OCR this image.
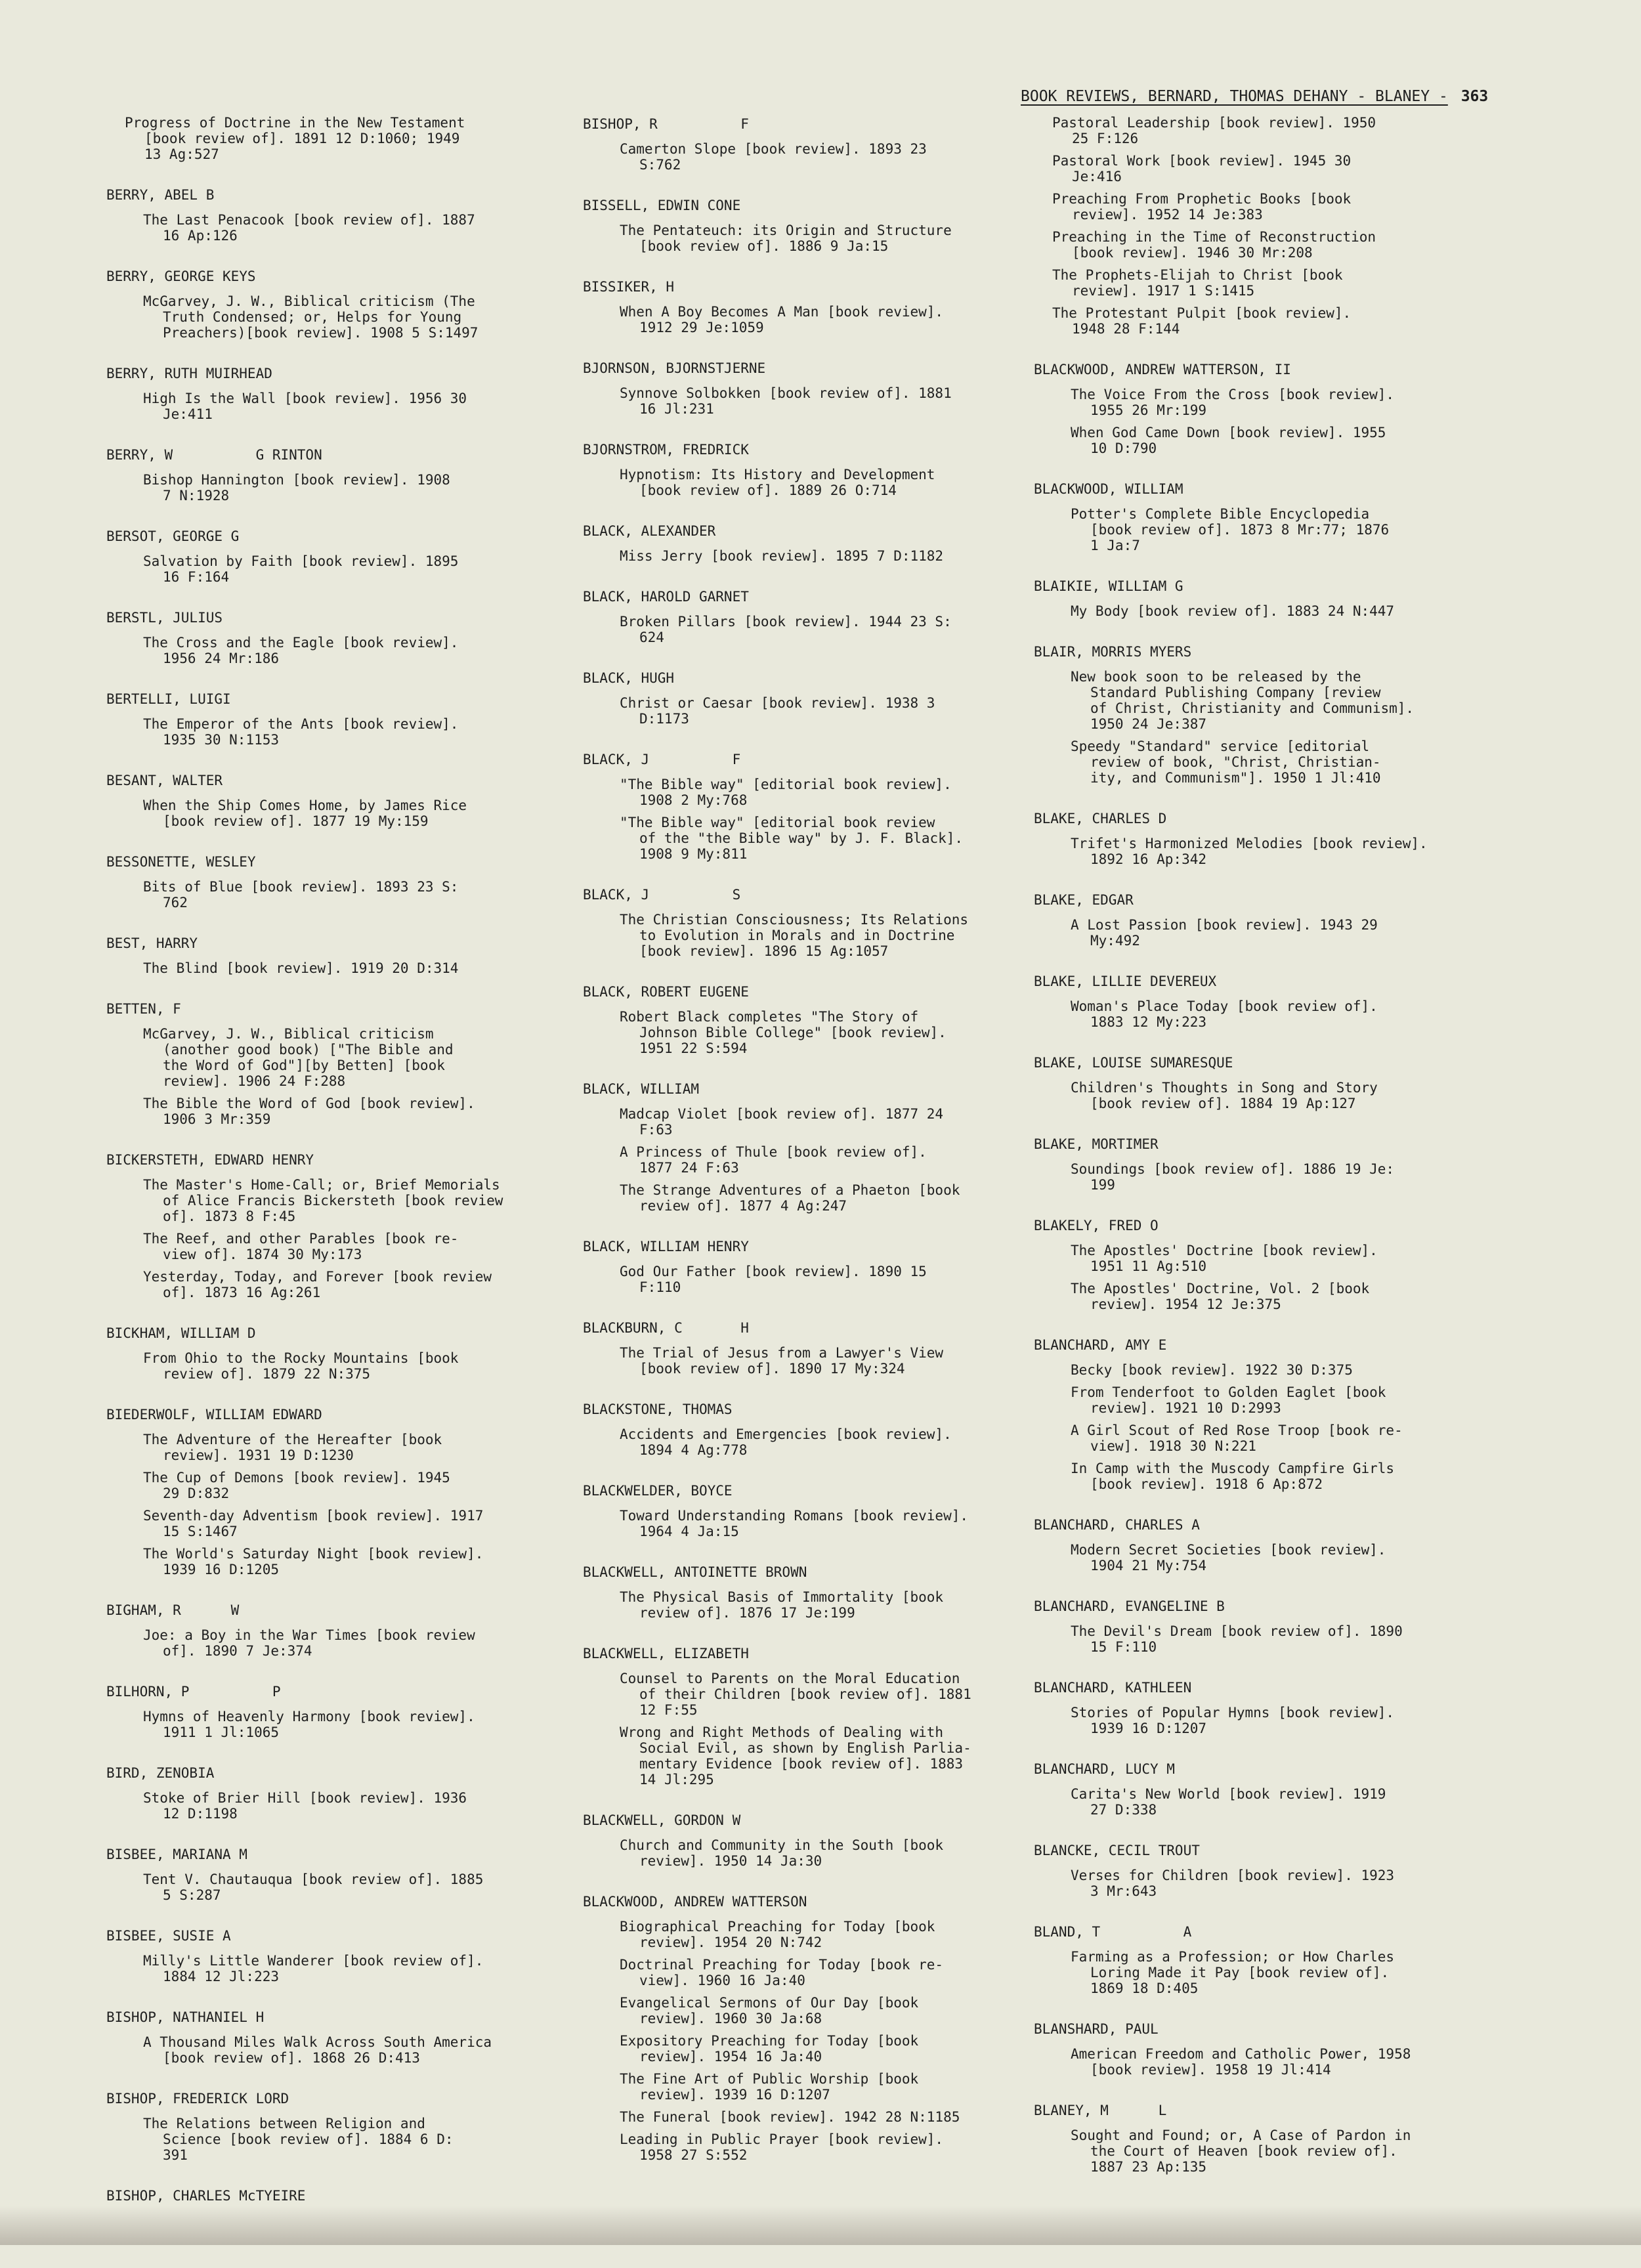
BOOK REVIEWS, BERNARD, THOMAS DEHANY - BLANEY - 363
Progress of Doctrine in the New Testament
[book review of]. 1891 12 D:1060; 1949
13 Ag:527
BERRY, ABEL B
The Last Penacook [book review of]. 1887
16 Ap:126
BERRY, GEORGE KEYS
McGarvey, J. W., Biblical criticism (The
Truth Condensed; or, Helps for Young
Preachers)[book review]. 1908 5 S:1497
BERRY, RUTH MUIRHEAD
High Is the Wall [book review]. 1956 30
Je:411
BERRY, W          G RINTON
Bishop Hannington [book review]. 1908
7 N:1928
BERSOT, GEORGE G
Salvation by Faith [book review]. 1895
16 F:164
BERSTL, JULIUS
The Cross and the Eagle [book review].
1956 24 Mr:186
BERTELLI, LUIGI
The Emperor of the Ants [book review].
1935 30 N:1153
BESANT, WALTER
When the Ship Comes Home, by James Rice
[book review of]. 1877 19 My:159
BESSONETTE, WESLEY
Bits of Blue [book review]. 1893 23 S:
762
BEST, HARRY
The Blind [book review]. 1919 20 D:314
BETTEN, F
McGarvey, J. W., Biblical criticism
(another good book) ["The Bible and
the Word of God"][by Betten] [book
review]. 1906 24 F:288
The Bible the Word of God [book review].
1906 3 Mr:359
BICKERSTETH, EDWARD HENRY
The Master's Home-Call; or, Brief Memorials
of Alice Francis Bickersteth [book review
of]. 1873 8 F:45
The Reef, and other Parables [book re-
view of]. 1874 30 My:173
Yesterday, Today, and Forever [book review
of]. 1873 16 Ag:261
BICKHAM, WILLIAM D
From Ohio to the Rocky Mountains [book
review of]. 1879 22 N:375
BIEDERWOLF, WILLIAM EDWARD
The Adventure of the Hereafter [book
review]. 1931 19 D:1230
The Cup of Demons [book review]. 1945
29 D:832
Seventh-day Adventism [book review]. 1917
15 S:1467
The World's Saturday Night [book review].
1939 16 D:1205
BIGHAM, R      W
Joe: a Boy in the War Times [book review
of]. 1890 7 Je:374
BILHORN, P          P
Hymns of Heavenly Harmony [book review].
1911 1 Jl:1065
BIRD, ZENOBIA
Stoke of Brier Hill [book review]. 1936
12 D:1198
BISBEE, MARIANA M
Tent V. Chautauqua [book review of]. 1885
5 S:287
BISBEE, SUSIE A
Milly's Little Wanderer [book review of].
1884 12 Jl:223
BISHOP, NATHANIEL H
A Thousand Miles Walk Across South America
[book review of]. 1868 26 D:413
BISHOP, FREDERICK LORD
The Relations between Religion and
Science [book review of]. 1884 6 D:
391
BISHOP, CHARLES McTYEIRE
BISHOP, R          F
Camerton Slope [book review]. 1893 23
S:762
BISSELL, EDWIN CONE
The Pentateuch: its Origin and Structure
[book review of]. 1886 9 Ja:15
BISSIKER, H
When A Boy Becomes A Man [book review].
1912 29 Je:1059
BJORNSON, BJORNSTJERNE
Synnove Solbokken [book review of]. 1881
16 Jl:231
BJORNSTROM, FREDRICK
Hypnotism: Its History and Development
[book review of]. 1889 26 O:714
BLACK, ALEXANDER
Miss Jerry [book review]. 1895 7 D:1182
BLACK, HAROLD GARNET
Broken Pillars [book review]. 1944 23 S:
624
BLACK, HUGH
Christ or Caesar [book review]. 1938 3
D:1173
BLACK, J          F
"The Bible way" [editorial book review].
1908 2 My:768
"The Bible way" [editorial book review
of the "the Bible way" by J. F. Black].
1908 9 My:811
BLACK, J          S
The Christian Consciousness; Its Relations
to Evolution in Morals and in Doctrine
[book review]. 1896 15 Ag:1057
BLACK, ROBERT EUGENE
Robert Black completes "The Story of
Johnson Bible College" [book review].
1951 22 S:594
BLACK, WILLIAM
Madcap Violet [book review of]. 1877 24
F:63
A Princess of Thule [book review of].
1877 24 F:63
The Strange Adventures of a Phaeton [book
review of]. 1877 4 Ag:247
BLACK, WILLIAM HENRY
God Our Father [book review]. 1890 15
F:110
BLACKBURN, C       H
The Trial of Jesus from a Lawyer's View
[book review of]. 1890 17 My:324
BLACKSTONE, THOMAS
Accidents and Emergencies [book review].
1894 4 Ag:778
BLACKWELDER, BOYCE
Toward Understanding Romans [book review].
1964 4 Ja:15
BLACKWELL, ANTOINETTE BROWN
The Physical Basis of Immortality [book
review of]. 1876 17 Je:199
BLACKWELL, ELIZABETH
Counsel to Parents on the Moral Education
of their Children [book review of]. 1881
12 F:55
Wrong and Right Methods of Dealing with
Social Evil, as shown by English Parlia-
mentary Evidence [book review of]. 1883
14 Jl:295
BLACKWELL, GORDON W
Church and Community in the South [book
review]. 1950 14 Ja:30
BLACKWOOD, ANDREW WATTERSON
Biographical Preaching for Today [book
review]. 1954 20 N:742
Doctrinal Preaching for Today [book re-
view]. 1960 16 Ja:40
Evangelical Sermons of Our Day [book
review]. 1960 30 Ja:68
Expository Preaching for Today [book
review]. 1954 16 Ja:40
The Fine Art of Public Worship [book
review]. 1939 16 D:1207
The Funeral [book review]. 1942 28 N:1185
Leading in Public Prayer [book review].
1958 27 S:552
Pastoral Leadership [book review]. 1950
25 F:126
Pastoral Work [book review]. 1945 30
Je:416
Preaching From Prophetic Books [book
review]. 1952 14 Je:383
Preaching in the Time of Reconstruction
[book review]. 1946 30 Mr:208
The Prophets-Elijah to Christ [book
review]. 1917 1 S:1415
The Protestant Pulpit [book review].
1948 28 F:144
BLACKWOOD, ANDREW WATTERSON, II
The Voice From the Cross [book review].
1955 26 Mr:199
When God Came Down [book review]. 1955
10 D:790
BLACKWOOD, WILLIAM
Potter's Complete Bible Encyclopedia
[book review of]. 1873 8 Mr:77; 1876
1 Ja:7
BLAIKIE, WILLIAM G
My Body [book review of]. 1883 24 N:447
BLAIR, MORRIS MYERS
New book soon to be released by the
Standard Publishing Company [review
of Christ, Christianity and Communism].
1950 24 Je:387
Speedy "Standard" service [editorial
review of book, "Christ, Christian-
ity, and Communism"]. 1950 1 Jl:410
BLAKE, CHARLES D
Trifet's Harmonized Melodies [book review].
1892 16 Ap:342
BLAKE, EDGAR
A Lost Passion [book review]. 1943 29
My:492
BLAKE, LILLIE DEVEREUX
Woman's Place Today [book review of].
1883 12 My:223
BLAKE, LOUISE SUMARESQUE
Children's Thoughts in Song and Story
[book review of]. 1884 19 Ap:127
BLAKE, MORTIMER
Soundings [book review of]. 1886 19 Je:
199
BLAKELY, FRED O
The Apostles' Doctrine [book review].
1951 11 Ag:510
The Apostles' Doctrine, Vol. 2 [book
review]. 1954 12 Je:375
BLANCHARD, AMY E
Becky [book review]. 1922 30 D:375
From Tenderfoot to Golden Eaglet [book
review]. 1921 10 D:2993
A Girl Scout of Red Rose Troop [book re-
view]. 1918 30 N:221
In Camp with the Muscody Campfire Girls
[book review]. 1918 6 Ap:872
BLANCHARD, CHARLES A
Modern Secret Societies [book review].
1904 21 My:754
BLANCHARD, EVANGELINE B
The Devil's Dream [book review of]. 1890
15 F:110
BLANCHARD, KATHLEEN
Stories of Popular Hymns [book review].
1939 16 D:1207
BLANCHARD, LUCY M
Carita's New World [book review]. 1919
27 D:338
BLANCKE, CECIL TROUT
Verses for Children [book review]. 1923
3 Mr:643
BLAND, T          A
Farming as a Profession; or How Charles
Loring Made it Pay [book review of].
1869 18 D:405
BLANSHARD, PAUL
American Freedom and Catholic Power, 1958
[book review]. 1958 19 Jl:414
BLANEY, M      L
Sought and Found; or, A Case of Pardon in
the Court of Heaven [book review of].
1887 23 Ap:135
